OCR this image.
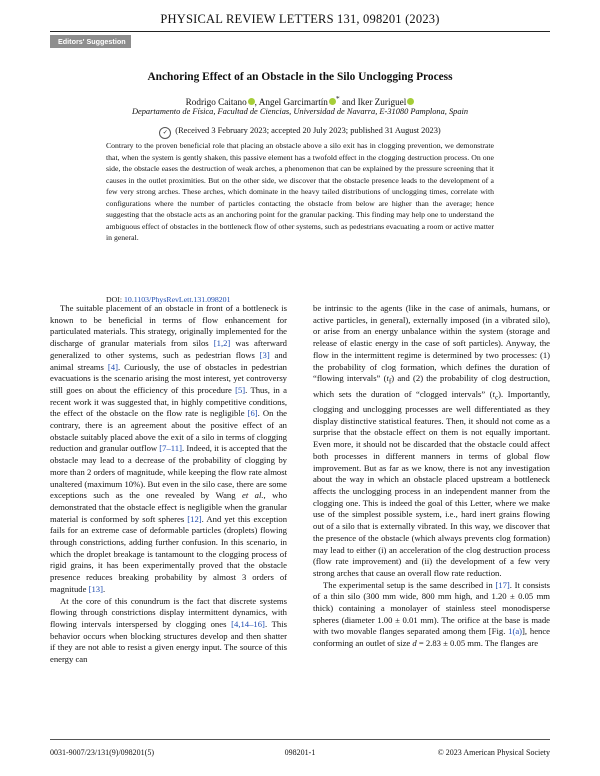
PHYSICAL REVIEW LETTERS 131, 098201 (2023)
Editors' Suggestion
Anchoring Effect of an Obstacle in the Silo Unclogging Process
Rodrigo Caitano , Angel Garcimartín * and Iker Zuriguel
Departamento de Física, Facultad de Ciencias, Universidad de Navarra, E-31080 Pamplona, Spain
✓ (Received 3 February 2023; accepted 20 July 2023; published 31 August 2023)
Contrary to the proven beneficial role that placing an obstacle above a silo exit has in clogging prevention, we demonstrate that, when the system is gently shaken, this passive element has a twofold effect in the clogging destruction process. On one side, the obstacle eases the destruction of weak arches, a phenomenon that can be explained by the pressure screening that it causes in the outlet proximities. But on the other side, we discover that the obstacle presence leads to the development of a few very strong arches. These arches, which dominate in the heavy tailed distributions of unclogging times, correlate with configurations where the number of particles contacting the obstacle from below are higher than the average; hence suggesting that the obstacle acts as an anchoring point for the granular packing. This finding may help one to understand the ambiguous effect of obstacles in the bottleneck flow of other systems, such as pedestrians evacuating a room or active matter in general.
DOI: 10.1103/PhysRevLett.131.098201

The suitable placement of an obstacle in front of a bottleneck is known to be beneficial in terms of flow enhancement for particulated materials. This strategy, originally implemented for the discharge of granular materials from silos [1,2] was afterward generalized to other systems, such as pedestrian flows [3] and animal streams [4]. Curiously, the use of obstacles in pedestrian evacuations is the scenario arising the most interest, yet controversy still goes on about the efficiency of this procedure [5]. Thus, in a recent work it was suggested that, in highly competitive conditions, the effect of the obstacle on the flow rate is negligible [6]. On the contrary, there is an agreement about the positive effect of an obstacle suitably placed above the exit of a silo in terms of clogging reduction and granular outflow [7–11]. Indeed, it is accepted that the obstacle may lead to a decrease of the probability of clogging by more than 2 orders of magnitude, while keeping the flow rate almost unaltered (maximum 10%). But even in the silo case, there are some exceptions such as the one revealed by Wang et al., who demonstrated that the obstacle effect is negligible when the granular material is conformed by soft spheres [12]. And yet this exception fails for an extreme case of deformable particles (droplets) flowing through constrictions, adding further confusion. In this scenario, in which the droplet breakage is tantamount to the clogging process of rigid grains, it has been experimentally proved that the obstacle presence reduces breaking probability by almost 3 orders of magnitude [13].

At the core of this conundrum is the fact that discrete systems flowing through constrictions display intermittent dynamics, with flowing intervals interspersed by clogging ones [4,14–16]. This behavior occurs when blocking structures develop and then shatter if they are not able to resist a given energy input. The source of this energy can

be intrinsic to the agents (like in the case of animals, humans, or active particles, in general), externally imposed (in a vibrated silo), or arise from an energy unbalance within the system (storage and release of elastic energy in the case of soft particles). Anyway, the flow in the intermittent regime is determined by two processes: (1) the probability of clog formation, which defines the duration of “flowing intervals” $(t_f)$ and (2) the probability of clog destruction, which sets the duration of “clogged intervals” $(t_c)$. Importantly, clogging and unclogging processes are well differentiated as they display distinctive statistical features. Then, it should not come as a surprise that the obstacle effect on them is not equally important. Even more, it should not be discarded that the obstacle could affect both processes in different manners in terms of global flow improvement. But as far as we know, there is not any investigation about the way in which an obstacle placed upstream a bottleneck affects the unclogging process in an independent manner from the clogging one. This is indeed the goal of this Letter, where we make use of the simplest possible system, i.e., hard inert grains flowing out of a silo that is externally vibrated. In this way, we discover that the presence of the obstacle (which always prevents clog formation) may lead to either (i) an acceleration of the clog destruction process (flow rate improvement) and (ii) the development of a few very strong arches that cause an overall flow rate reduction.

The experimental setup is the same described in [17]. It consists of a thin silo (300 mm wide, 800 mm high, and 1.20 ± 0.05 mm thick) containing a monolayer of stainless steel monodisperse spheres (diameter 1.00 ± 0.01 mm). The orifice at the base is made with two movable flanges separated among them [Fig. 1(a)], hence conforming an outlet of size d = 2.83 ± 0.05 mm. The flanges are

0031-9007/23/131(9)/098201(5)	098201-1	© 2023 American Physical Society
